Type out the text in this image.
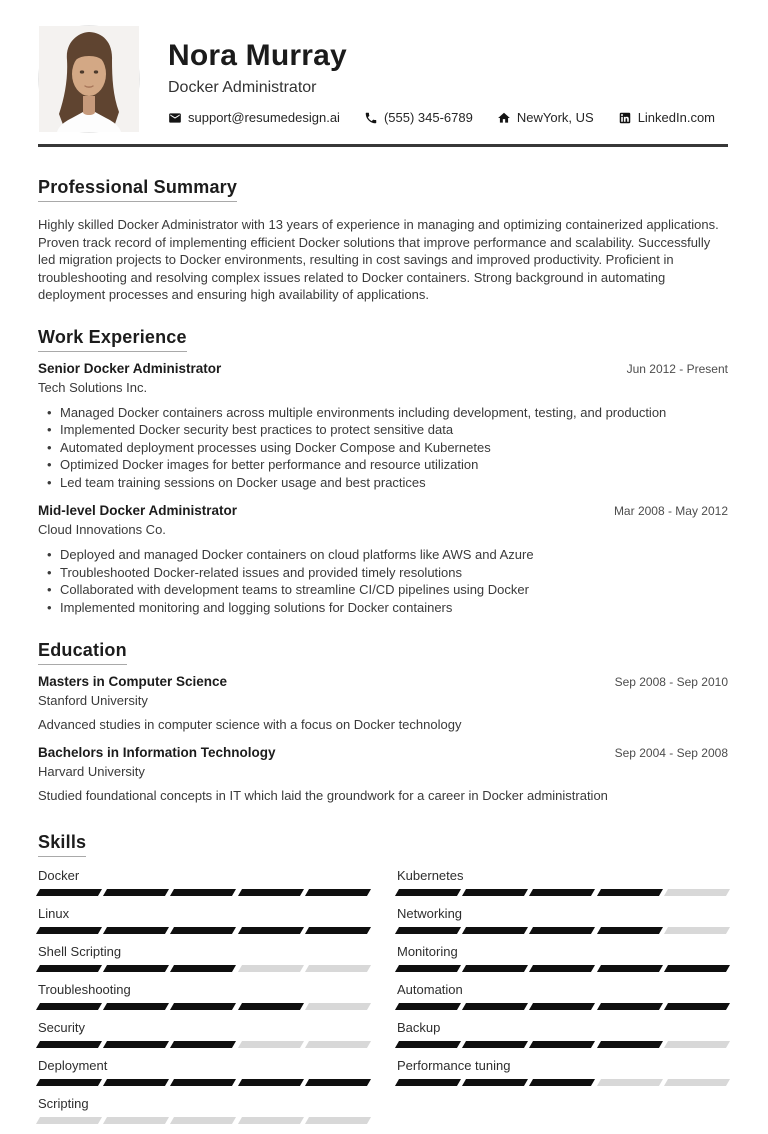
Nora Murray
Docker Administrator
support@resumedesign.ai	(555) 345-6789	NewYork, US	LinkedIn.com
Professional Summary
Highly skilled Docker Administrator with 13 years of experience in managing and optimizing containerized applications. Proven track record of implementing efficient Docker solutions that improve performance and scalability. Successfully led migration projects to Docker environments, resulting in cost savings and improved productivity. Proficient in troubleshooting and resolving complex issues related to Docker containers. Strong background in automating deployment processes and ensuring high availability of applications.
Work Experience
Senior Docker Administrator	Jun 2012 - Present
Tech Solutions Inc.
• Managed Docker containers across multiple environments including development, testing, and production
• Implemented Docker security best practices to protect sensitive data
• Automated deployment processes using Docker Compose and Kubernetes
• Optimized Docker images for better performance and resource utilization
• Led team training sessions on Docker usage and best practices
Mid-level Docker Administrator	Mar 2008 - May 2012
Cloud Innovations Co.
• Deployed and managed Docker containers on cloud platforms like AWS and Azure
• Troubleshooted Docker-related issues and provided timely resolutions
• Collaborated with development teams to streamline CI/CD pipelines using Docker
• Implemented monitoring and logging solutions for Docker containers
Education
Masters in Computer Science	Sep 2008 - Sep 2010
Stanford University
Advanced studies in computer science with a focus on Docker technology
Bachelors in Information Technology	Sep 2004 - Sep 2008
Harvard University
Studied foundational concepts in IT which laid the groundwork for a career in Docker administration
Skills
Docker
Linux
Shell Scripting
Troubleshooting
Security
Deployment
Scripting
Kubernetes
Networking
Monitoring
Automation
Backup
Performance tuning
